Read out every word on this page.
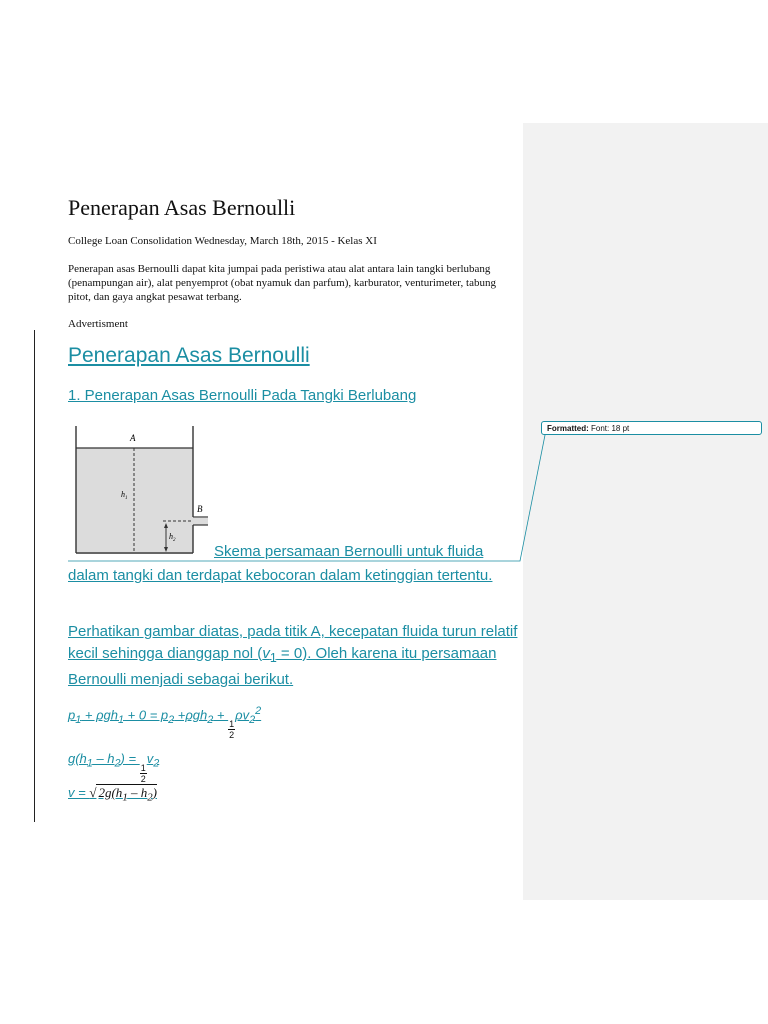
Penerapan Asas Bernoulli
College Loan Consolidation Wednesday, March 18th, 2015 - Kelas XI
Penerapan asas Bernoulli dapat kita jumpai pada peristiwa atau alat antara lain tangki berlubang (penampungan air), alat penyemprot (obat nyamuk dan parfum), karburator, venturimeter, tabung pitot, dan gaya angkat pesawat terbang.
Advertisment
Penerapan Asas Bernoulli
1. Penerapan Asas Bernoulli Pada Tangki Berlubang
A
B
$h_1$
$h_2$
Skema persamaan Bernoulli untuk fluida
dalam tangki dan terdapat kebocoran dalam ketinggian tertentu.
Perhatikan gambar diatas, pada titik A, kecepatan fluida turun relatif kecil sehingga dianggap nol $(v_1 = 0)$. Oleh karena itu persamaan Bernoulli menjadi sebagai berikut.
$p_1 + \rho gh_1 + 0 = p_2 +\rho gh_2$ +
$\frac{1}{2}$
$\rho v_2^2$
$g(h_1 - h_2)$ =
$\frac{1}{2}$
$v_2$
v = √ $2g(h_1 - h_2)$
Formatted: Font: 18 pt
